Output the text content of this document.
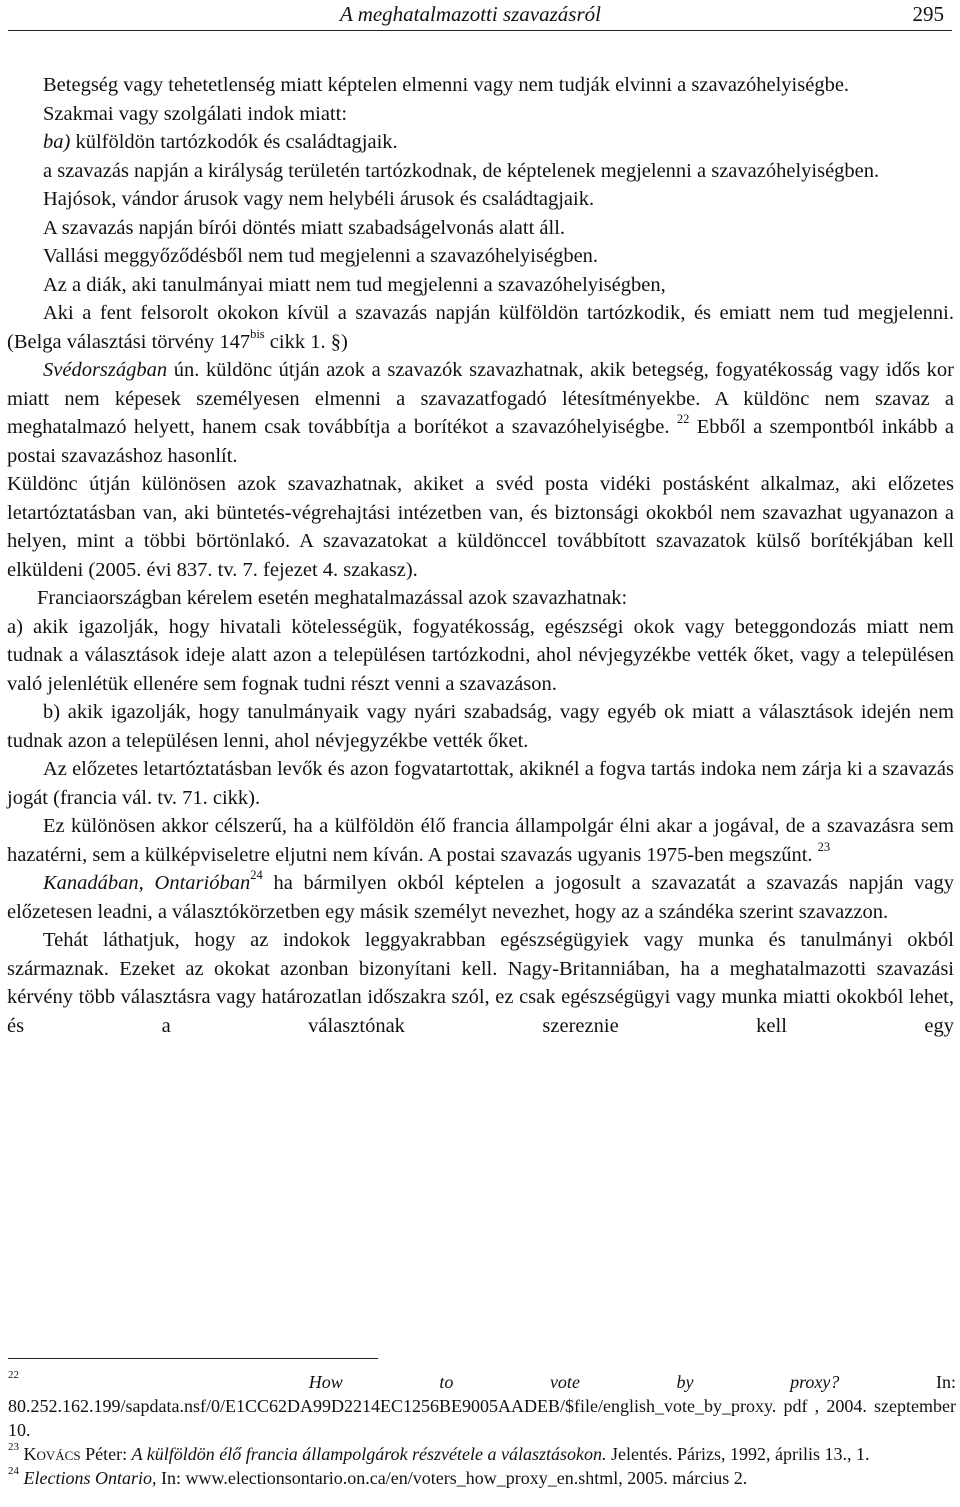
A meghatalmazotti szavazásról	295

Betegség vagy tehetetlenség miatt képtelen elmenni vagy nem tudják elvinni a szavazóhelyiségbe.

Szakmai vagy szolgálati indok miatt:

ba) külföldön tartózkodók és családtagjaik.

a szavazás napján a királyság területén tartózkodnak, de képtelenek megjelenni a szavazóhelyiségben.

Hajósok, vándor árusok vagy nem helybéli árusok és családtagjaik.

A szavazás napján bírói döntés miatt szabadságelvonás alatt áll.

Vallási meggyőződésből nem tud megjelenni a szavazóhelyiségben.

Az a diák, aki tanulmányai miatt nem tud megjelenni a szavazóhelyiségben,

Aki a fent felsorolt okokon kívül a szavazás napján külföldön tartózkodik, és emiatt nem tud megjelenni. (Belga választási törvény $147^{bis}$ cikk 1. §)

Svédországban ún. küldönc útján azok a szavazók szavazhatnak, akik betegség, fogyatékosság vagy idős kor miatt nem képesek személyesen elmenni a szavazatfogadó létesítményekbe. A küldönc nem szavaz a meghatalmazó helyett, hanem csak továbbítja a borítékot a szavazóhelyiségbe. $^{22}$ Ebből a szempontból inkább a postai szavazáshoz hasonlít.

Küldönc útján különösen azok szavazhatnak, akiket a svéd posta vidéki postásként alkalmaz, aki előzetes letartóztatásban van, aki büntetés-végrehajtási intézetben van, és biztonsági okokból nem szavazhat ugyanazon a helyen, mint a többi börtönlakó. A szavazatokat a küldönccel továbbított szavazatok külső borítékjában kell elküldeni (2005. évi 837. tv. 7. fejezet 4. szakasz).

Franciaországban kérelem esetén meghatalmazással azok szavazhatnak:

a) akik igazolják, hogy hivatali kötelességük, fogyatékosság, egészségi okok vagy beteggondozás miatt nem tudnak a választások ideje alatt azon a településen tartózkodni, ahol névjegyzékbe vették őket, vagy a településen való jelenlétük ellenére sem fognak tudni részt venni a szavazáson.

b) akik igazolják, hogy tanulmányaik vagy nyári szabadság, vagy egyéb ok miatt a választások idején nem tudnak azon a településen lenni, ahol névjegyzékbe vették őket.

Az előzetes letartóztatásban levők és azon fogvatartottak, akiknél a fogva tartás indoka nem zárja ki a szavazás jogát (francia vál. tv. 71. cikk).

Ez különösen akkor célszerű, ha a külföldön élő francia állampolgár élni akar a jogával, de a szavazásra sem hazatérni, sem a külképviseletre eljutni nem kíván. A postai szavazás ugyanis 1975-ben megszűnt. $^{23}$

Kanadában, Ontarióban$^{24}$ ha bármilyen okból képtelen a jogosult a szavazatát a szavazás napján vagy előzetesen leadni, a választókörzetben egy másik személyt nevezhet, hogy az a szándéka szerint szavazzon.

Tehát láthatjuk, hogy az indokok leggyakrabban egészségügyiek vagy munka és tanulmányi okból származnak. Ezeket az okokat azonban bizonyítani kell. Nagy-Britanniában, ha a meghatalmazotti szavazási kérvény több választásra vagy határozatlan időszakra szól, ez csak egészségügyi vagy munka miatti okokból lehet, és a választónak szereznie kell egy

$^{22}$	How to vote by proxy?	In: 80.252.162.199/sapdata.nsf/0/E1CC62DA99D2214EC1256BE9005AADEB/$file/english_vote_by_proxy. pdf , 2004. szeptember 10.

$^{23}$ Kovács Péter: A külföldön élő francia állampolgárok részvétele a választásokon. Jelentés. Párizs, 1992, április 13., 1.

$^{24}$ Elections Ontario, In: www.electionsontario.on.ca/en/voters_how_proxy_en.shtml, 2005. március 2.
